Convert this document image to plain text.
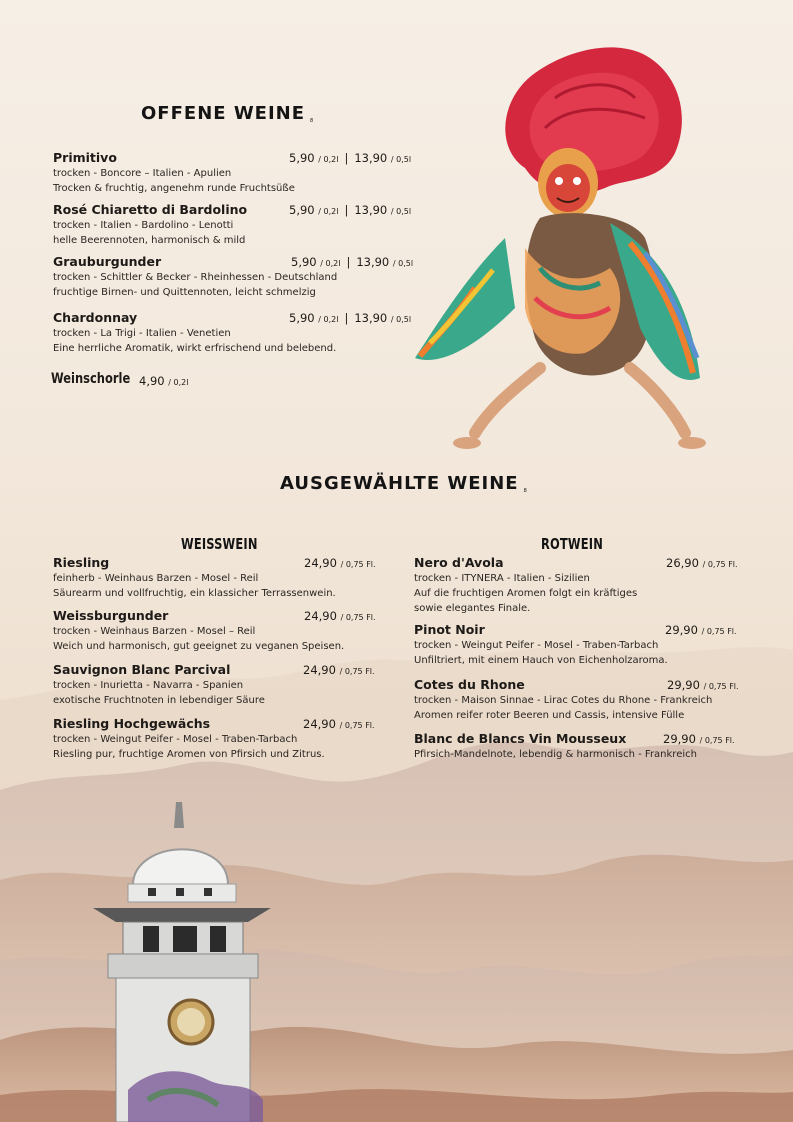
OFFENE WEINE $^8$
Primitivo	5,90 / 0,2l | 13,90 / 0,5l
trocken - Boncore – Italien - Apulien
Trocken & fruchtig, angenehm runde Fruchtsüße
Rosé Chiaretto di Bardolino	5,90 / 0,2l | 13,90 / 0,5l
trocken - Italien - Bardolino - Lenotti
helle Beerennoten, harmonisch & mild
Grauburgunder	5,90 / 0,2l | 13,90 / 0,5l
trocken - Schittler & Becker - Rheinhessen - Deutschland
fruchtige Birnen- und Quittennoten, leicht schmelzig
Chardonnay	5,90 / 0,2l | 13,90 / 0,5l
trocken - La Trigi - Italien - Venetien
Eine herrliche Aromatik, wirkt erfrischend und belebend.
Weinschorle 4,90 / 0,2l
AUSGEWÄHLTE WEINE $^8$
WEISSWEIN	ROTWEIN
Riesling	24,90 / 0,75 Fl.
feinherb - Weinhaus Barzen - Mosel - Reil
Säurearm und vollfruchtig, ein klassicher Terrassenwein.
Weissburgunder	24,90 / 0,75 Fl.
trocken - Weinhaus Barzen - Mosel – Reil
Weich und harmonisch, gut geeignet zu veganen Speisen.
Sauvignon Blanc Parcival	24,90 / 0,75 Fl.
trocken - Inurietta - Navarra - Spanien
exotische Fruchtnoten in lebendiger Säure
Riesling Hochgewächs	24,90 / 0,75 Fl.
trocken - Weingut Peifer - Mosel - Traben-Tarbach
Riesling pur, fruchtige Aromen von Pfirsich und Zitrus.
Nero d'Avola	26,90 / 0,75 Fl.
trocken - ITYNERA - Italien - Sizilien
Auf die fruchtigen Aromen folgt ein kräftiges
sowie elegantes Finale.
Pinot Noir	29,90 / 0,75 Fl.
trocken - Weingut Peifer - Mosel - Traben-Tarbach
Unfiltriert, mit einem Hauch von Eichenholzaroma.
Cotes du Rhone	29,90 / 0,75 Fl.
trocken - Maison Sinnae - Lirac Cotes du Rhone - Frankreich
Aromen reifer roter Beeren und Cassis, intensive Fülle
Blanc de Blancs Vin Mousseux	29,90 / 0,75 Fl.
Pfirsich-Mandelnote, lebendig & harmonisch - Frankreich
